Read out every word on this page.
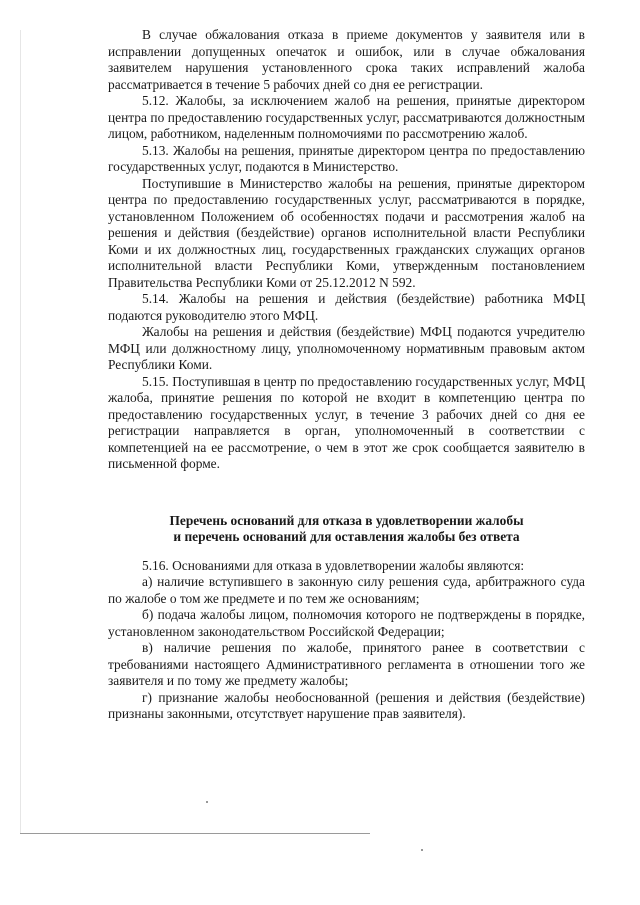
В случае обжалования отказа в приеме документов у заявителя или в исправлении допущенных опечаток и ошибок, или в случае обжалования заявителем нарушения установленного срока таких исправлений жалоба рассматривается в течение 5 рабочих дней со дня ее регистрации.

5.12. Жалобы, за исключением жалоб на решения, принятые директором центра по предоставлению государственных услуг, рассматриваются должностным лицом, работником, наделенным полномочиями по рассмотрению жалоб.

5.13. Жалобы на решения, принятые директором центра по предоставлению государственных услуг, подаются в Министерство.

Поступившие в Министерство жалобы на решения, принятые директором центра по предоставлению государственных услуг, рассматриваются в порядке, установленном Положением об особенностях подачи и рассмотрения жалоб на решения и действия (бездействие) органов исполнительной власти Республики Коми и их должностных лиц, государственных гражданских служащих органов исполнительной власти Республики Коми, утвержденным постановлением Правительства Республики Коми от 25.12.2012 N 592.

5.14. Жалобы на решения и действия (бездействие) работника МФЦ подаются руководителю этого МФЦ.

Жалобы на решения и действия (бездействие) МФЦ подаются учредителю МФЦ или должностному лицу, уполномоченному нормативным правовым актом Республики Коми.

5.15. Поступившая в центр по предоставлению государственных услуг, МФЦ жалоба, принятие решения по которой не входит в компетенцию центра по предоставлению государственных услуг, в течение 3 рабочих дней со дня ее регистрации направляется в орган, уполномоченный в соответствии с компетенцией на ее рассмотрение, о чем в этот же срок сообщается заявителю в письменной форме.

Перечень оснований для отказа в удовлетворении жалобы

и перечень оснований для оставления жалобы без ответа

5.16. Основаниями для отказа в удовлетворении жалобы являются:

а) наличие вступившего в законную силу решения суда, арбитражного суда по жалобе о том же предмете и по тем же основаниям;

б) подача жалобы лицом, полномочия которого не подтверждены в порядке, установленном законодательством Российской Федерации;

в) наличие решения по жалобе, принятого ранее в соответствии с требованиями настоящего Административного регламента в отношении того же заявителя и по тому же предмету жалобы;

г) признание жалобы необоснованной (решения и действия (бездействие) признаны законными, отсутствует нарушение прав заявителя).
